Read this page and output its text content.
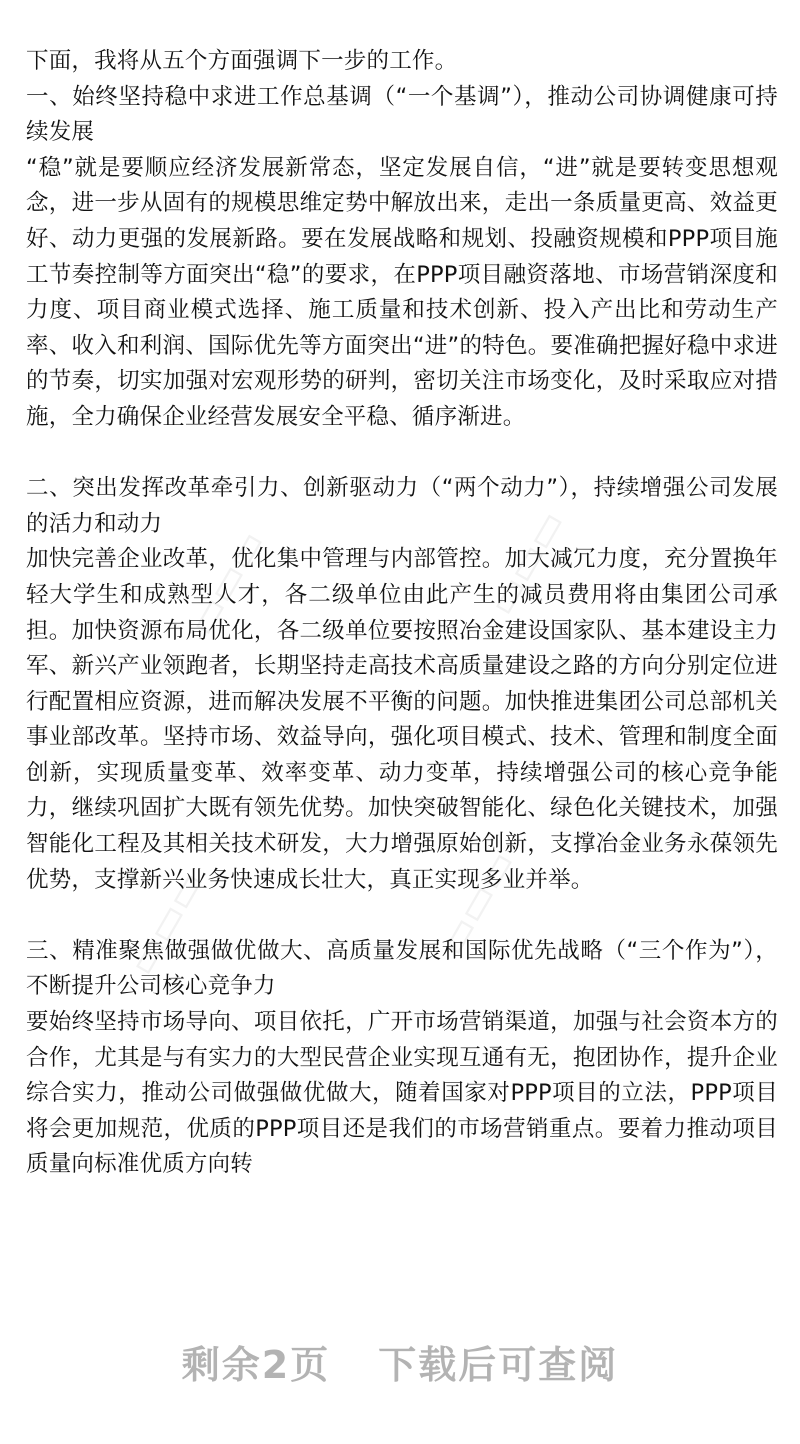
▭▭▭	▭▭▭
▭▭▭	▭▭▭

下面，我将从五个方面强调下一步的工作。

一、始终坚持稳中求进工作总基调（“一个基调”），推动公司协调健康可持续发展

“稳”就是要顺应经济发展新常态，坚定发展自信，“进”就是要转变思想观念，进一步从固有的规模思维定势中解放出来，走出一条质量更高、效益更好、动力更强的发展新路。要在发展战略和规划、投融资规模和PPP项目施工节奏控制等方面突出“稳”的要求，在PPP项目融资落地、市场营销深度和力度、项目商业模式选择、施工质量和技术创新、投入产出比和劳动生产率、收入和利润、国际优先等方面突出“进”的特色。要准确把握好稳中求进的节奏，切实加强对宏观形势的研判，密切关注市场变化，及时采取应对措施，全力确保企业经营发展安全平稳、循序渐进。

二、突出发挥改革牵引力、创新驱动力（“两个动力”），持续增强公司发展的活力和动力

加快完善企业改革，优化集中管理与内部管控。加大减冗力度，充分置换年轻大学生和成熟型人才，各二级单位由此产生的减员费用将由集团公司承担。加快资源布局优化，各二级单位要按照冶金建设国家队、基本建设主力军、新兴产业领跑者，长期坚持走高技术高质量建设之路的方向分别定位进行配置相应资源，进而解决发展不平衡的问题。加快推进集团公司总部机关事业部改革。坚持市场、效益导向，强化项目模式、技术、管理和制度全面创新，实现质量变革、效率变革、动力变革，持续增强公司的核心竞争能力，继续巩固扩大既有领先优势。加快突破智能化、绿色化关键技术，加强智能化工程及其相关技术研发，大力增强原始创新，支撑冶金业务永葆领先优势，支撑新兴业务快速成长壮大，真正实现多业并举。

三、精准聚焦做强做优做大、高质量发展和国际优先战略（“三个作为”），不断提升公司核心竞争力

要始终坚持市场导向、项目依托，广开市场营销渠道，加强与社会资本方的合作，尤其是与有实力的大型民营企业实现互通有无，抱团协作，提升企业综合实力，推动公司做强做优做大，随着国家对PPP项目的立法，PPP项目将会更加规范，优质的PPP项目还是我们的市场营销重点。要着力推动项目质量向标准优质方向转

剩余2页 下载后可查阅
